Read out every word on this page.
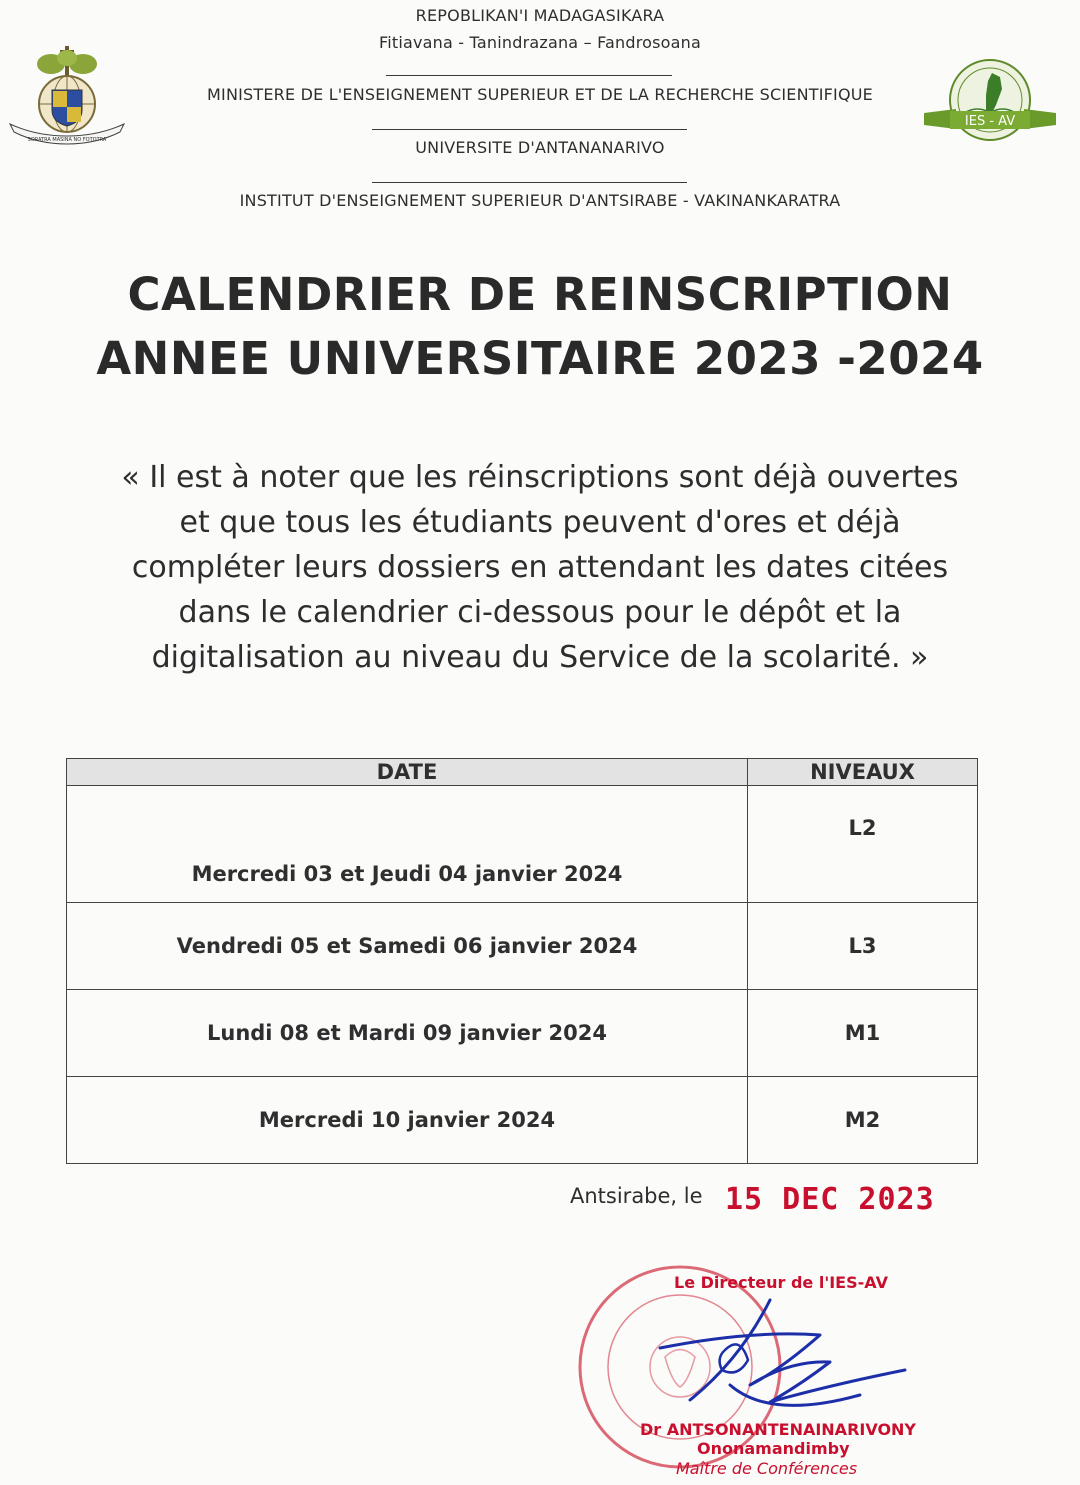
SORATRA MASINA NO FOTOTRA
IES - AV
REPOBLIKAN'I MADAGASIKARA
Fitiavana - Tanindrazana – Fandrosoana
MINISTERE DE L'ENSEIGNEMENT SUPERIEUR ET DE LA RECHERCHE SCIENTIFIQUE
UNIVERSITE D'ANTANANARIVO
INSTITUT D'ENSEIGNEMENT SUPERIEUR D'ANTSIRABE - VAKINANKARATRA
CALENDRIER DE REINSCRIPTION
ANNEE UNIVERSITAIRE 2023 -2024
« Il est à noter que les réinscriptions sont déjà ouvertes
et que tous les étudiants peuvent d'ores et déjà
compléter leurs dossiers en attendant les dates citées
dans le calendrier ci-dessous pour le dépôt et la
digitalisation au niveau du Service de la scolarité. »
DATE	NIVEAUX
Mercredi 03 et Jeudi 04 janvier 2024	L2
Vendredi 05 et Samedi 06 janvier 2024	L3
Lundi 08 et Mardi 09 janvier 2024	M1
Mercredi 10 janvier 2024	M2
Antsirabe, le 15 DEC 2023
Le Directeur de l'IES-AV
Dr ANTSONANTENAINARIVONY
Ononamandimby
Maître de Conférences
